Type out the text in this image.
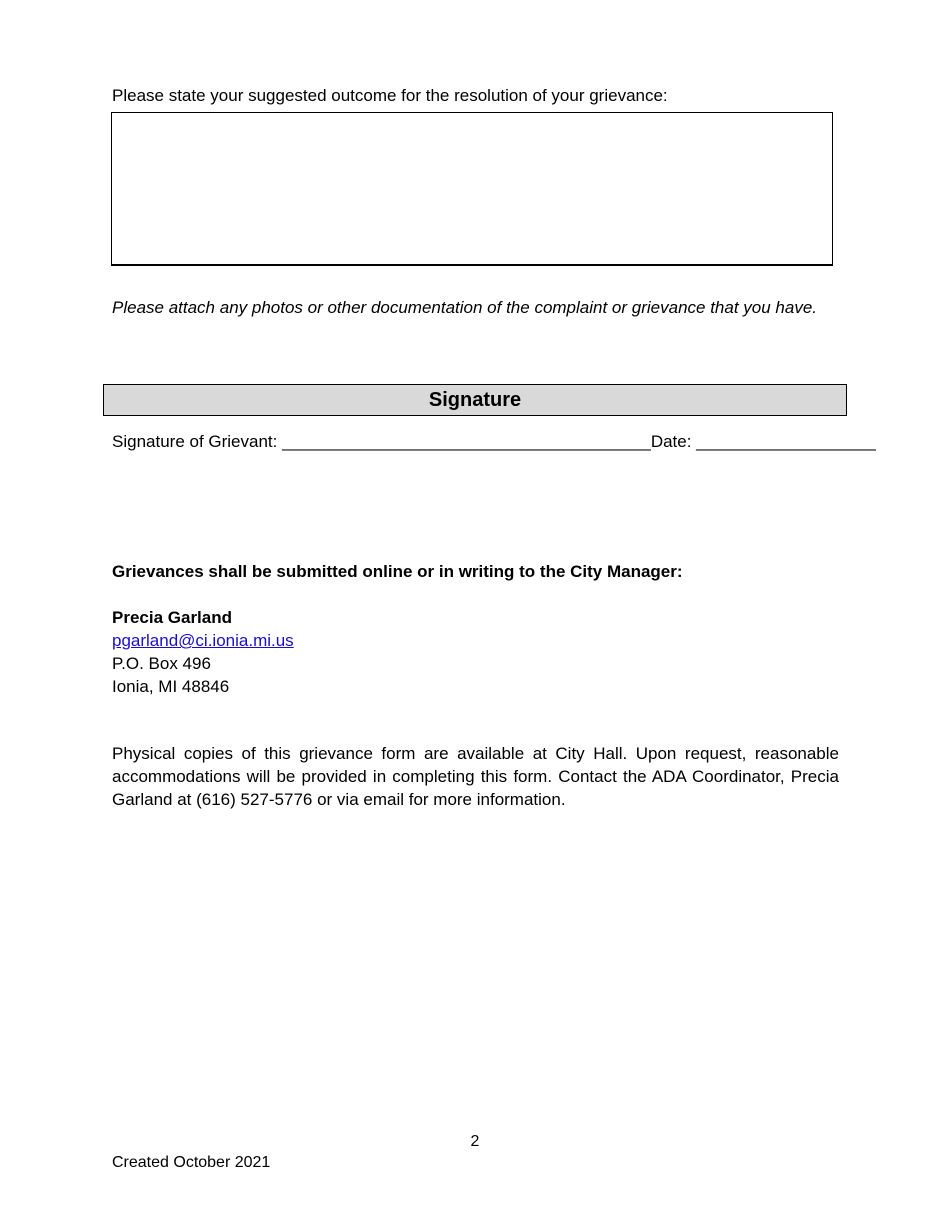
Please state your suggested outcome for the resolution of your grievance:
Please attach any photos or other documentation of the complaint or grievance that you have.
Signature
Signature of Grievant: _______________________________________ Date: ___________________
Grievances shall be submitted online or in writing to the City Manager:
Precia Garland
pgarland@ci.ionia.mi.us
P.O. Box 496
Ionia, MI 48846
Physical copies of this grievance form are available at City Hall. Upon request, reasonable accommodations will be provided in completing this form. Contact the ADA Coordinator, Precia Garland at (616) 527-5776 or via email for more information.
2
Created October 2021
